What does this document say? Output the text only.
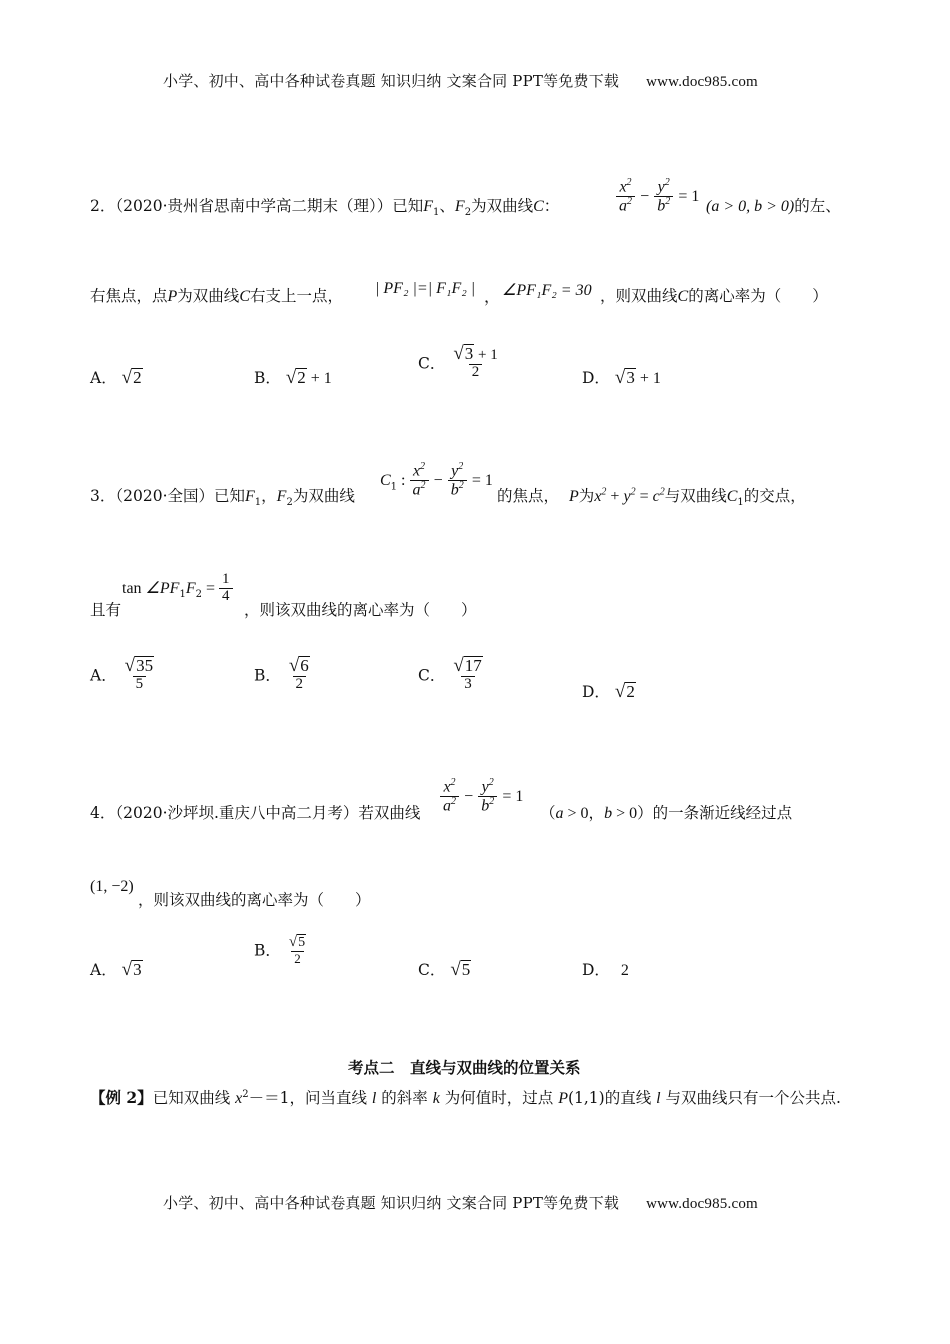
小学、初中、高中各种试卷真题 知识归纳 文案合同 PPT等免费下载 www.doc985.com
2．（2020·贵州省思南中学高二期末（理））已知$F_1$、$F_2$为双曲线C：	$\frac{x^2}{a^2} - \frac{y^2}{b^2} = 1$
(a > 0, b > 0)的左、
右焦点，点P为双曲线C右支上一点， | PF₂ |=| F₁F₂ |
， ∠PF₁F₂ = 30 ，则双曲线C的离心率为（　　）
A． √2	B． √2 + 1
C． $\frac{√3 + 1}{2}$	D． √3 + 1
3．（2020·全国）已知$F_1$，$F_2$为双曲线
$C_1$ : $\frac{x^2}{a^2} - \frac{y^2}{b^2} = 1$
的焦点， P为$x^2 + y^2 = c^2$与双曲线$C_1$的交点，
且有
$\tan \angle PF_1F_2 = \frac{1}{4}$
，则该双曲线的离心率为（　　）
A． $\frac{√35}{5}$	B． $\frac{√6}{2}$	C． $\frac{√17}{3}$	D． √2
4．（2020·沙坪坝.重庆八中高二月考）若双曲线 $\frac{x^2}{a^2} - \frac{y^2}{b^2} = 1$
（a > 0，b > 0）的一条渐近线经过点
(1, −2)
，则该双曲线的离心率为（　　）
A． √3
B． $\frac{√5}{2}$
C． √5	D． 2
考点二　直线与双曲线的位置关系
【例 2】已知双曲线 $x^2-=1$，问当直线 l 的斜率 k 为何值时，过点 P(1,1)的直线 l 与双曲线只有一个公共点.
小学、初中、高中各种试卷真题 知识归纳 文案合同 PPT等免费下载 www.doc985.com
